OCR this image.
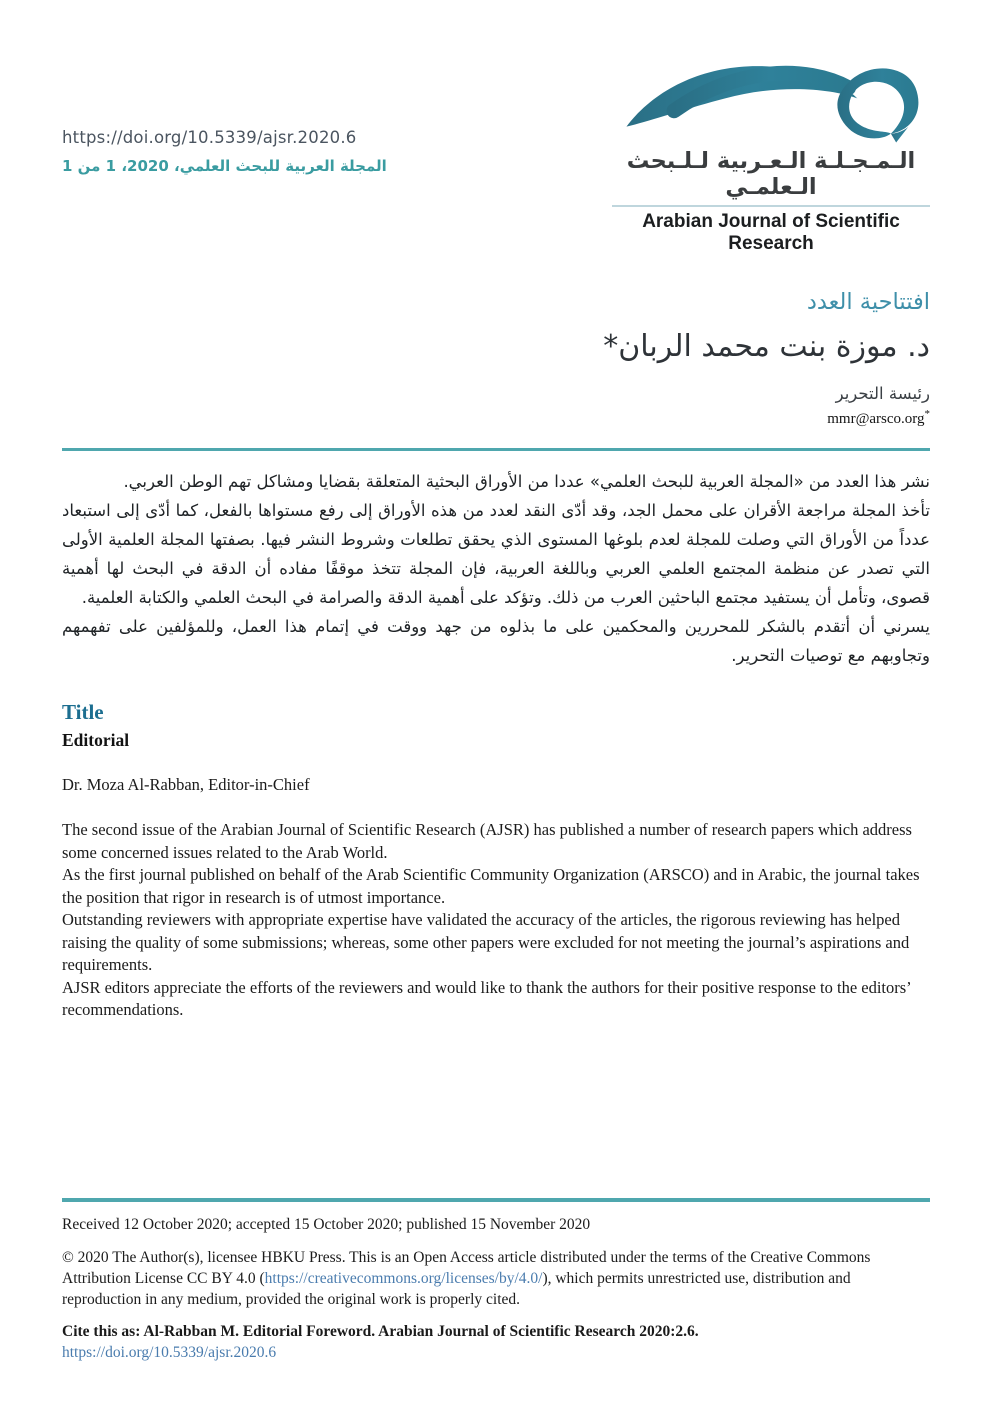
https://doi.org/10.5339/ajsr.2020.6
المجلة العربية للبحث العلمي، 2020، 1 من 1	الـمـجـلـة الـعـربية لـلـبحث الـعلمـي
Arabian Journal of Scientific Research
افتتاحية العدد
د. موزة بنت محمد الربان*
رئيسة التحرير
mmr@arsco.org*

نشر هذا العدد من «المجلة العربية للبحث العلمي» عددا من الأوراق البحثية المتعلقة بقضايا ومشاكل تهم الوطن العربي.

تأخذ المجلة مراجعة الأقران على محمل الجد، وقد أدّى النقد لعدد من هذه الأوراق إلى رفع مستواها بالفعل، كما أدّى إلى استبعاد عدداً من الأوراق التي وصلت للمجلة لعدم بلوغها المستوى الذي يحقق تطلعات وشروط النشر فيها. بصفتها المجلة العلمية الأولى التي تصدر عن منظمة المجتمع العلمي العربي وباللغة العربية، فإن المجلة تتخذ موقفًا مفاده أن الدقة في البحث لها أهمية قصوى، وتأمل أن يستفيد مجتمع الباحثين العرب من ذلك. وتؤكد على أهمية الدقة والصرامة في البحث العلمي والكتابة العلمية.

يسرني أن أتقدم بالشكر للمحررين والمحكمين على ما بذلوه من جهد ووقت في إتمام هذا العمل، وللمؤلفين على تفهمهم وتجاوبهم مع توصيات التحرير.

Title
Editorial
Dr. Moza Al-Rabban, Editor-in-Chief

The second issue of the Arabian Journal of Scientific Research (AJSR) has published a number of research papers which address some concerned issues related to the Arab World.

As the first journal published on behalf of the Arab Scientific Community Organization (ARSCO) and in Arabic, the journal takes the position that rigor in research is of utmost importance.

Outstanding reviewers with appropriate expertise have validated the accuracy of the articles, the rigorous reviewing has helped raising the quality of some submissions; whereas, some other papers were excluded for not meeting the journal’s aspirations and requirements.

AJSR editors appreciate the efforts of the reviewers and would like to thank the authors for their positive response to the editors’ recommendations.

Received 12 October 2020; accepted 15 October 2020; published 15 November 2020
© 2020 The Author(s), licensee HBKU Press. This is an Open Access article distributed under the terms of the Creative Commons Attribution License CC BY 4.0 (https://creativecommons.org/licenses/by/4.0/), which permits unrestricted use, distribution and reproduction in any medium, provided the original work is properly cited.
Cite this as: Al-Rabban M. Editorial Foreword. Arabian Journal of Scientific Research 2020:2.6.
https://doi.org/10.5339/ajsr.2020.6
